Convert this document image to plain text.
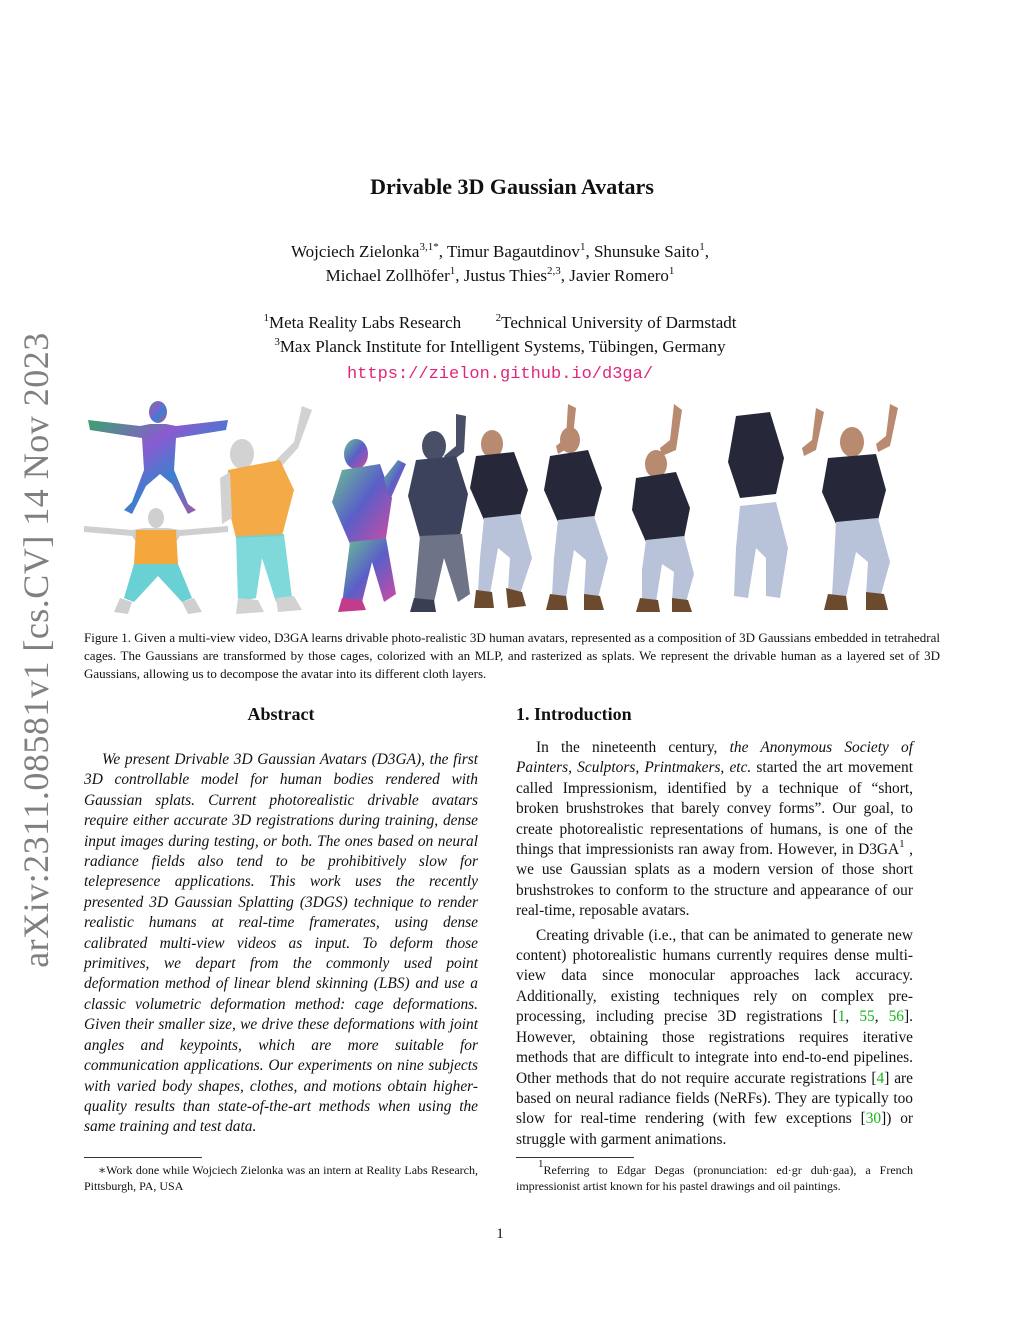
arXiv:2311.08581v1 [cs.CV] 14 Nov 2023
Drivable 3D Gaussian Avatars
Wojciech Zielonka$^{3,1*}$, Timur Bagautdinov$^1$, Shunsuke Saito$^1$,
Michael Zollhöfer$^1$, Justus Thies$^{2,3}$, Javier Romero$^1$
$^1$Meta Reality Labs Research	$^2$Technical University of Darmstadt
$^3$Max Planck Institute for Intelligent Systems, Tübingen, Germany
https://zielon.github.io/d3ga/
Figure 1. Given a multi-view video, D3GA learns drivable photo-realistic 3D human avatars, represented as a composition of 3D Gaussians embedded in tetrahedral cages. The Gaussians are transformed by those cages, colorized with an MLP, and rasterized as splats. We represent the drivable human as a layered set of 3D Gaussians, allowing us to decompose the avatar into its different cloth layers.
Abstract

We present Drivable 3D Gaussian Avatars (D3GA), the first 3D controllable model for human bodies rendered with Gaussian splats. Current photorealistic drivable avatars require either accurate 3D registrations during training, dense input images during testing, or both. The ones based on neural radiance fields also tend to be prohibitively slow for telepresence applications. This work uses the recently presented 3D Gaussian Splatting (3DGS) technique to render realistic humans at real-time framerates, using dense calibrated multi-view videos as input. To deform those primitives, we depart from the commonly used point deformation method of linear blend skinning (LBS) and use a classic volumetric deformation method: cage deformations. Given their smaller size, we drive these deformations with joint angles and keypoints, which are more suitable for communication applications. Our experiments on nine subjects with varied body shapes, clothes, and motions obtain higher-quality results than state-of-the-art methods when using the same training and test data.

1. Introduction

In the nineteenth century, the Anonymous Society of Painters, Sculptors, Printmakers, etc. started the art movement called Impressionism, identified by a technique of “short, broken brushstrokes that barely convey forms”. Our goal, to create photorealistic representations of humans, is one of the things that impressionists ran away from. However, in $D3GA^1$ , we use Gaussian splats as a modern version of those short brushstrokes to conform to the structure and appearance of our real-time, reposable avatars.

Creating drivable (i.e., that can be animated to generate new content) photorealistic humans currently requires dense multi-view data since monocular approaches lack accuracy. Additionally, existing techniques rely on complex pre-processing, including precise 3D registrations [1, 55, 56]. However, obtaining those registrations requires iterative methods that are difficult to integrate into end-to-end pipelines. Other methods that do not require accurate registrations [4] are based on neural radiance fields (NeRFs). They are typically too slow for real-time rendering (with few exceptions [30]) or struggle with garment animations.

∗Work done while Wojciech Zielonka was an intern at Reality Labs Research, Pittsburgh, PA, USA
$^1$Referring to Edgar Degas (pronunciation: ed·gr duh·gaa), a French impressionist artist known for his pastel drawings and oil paintings.
1
